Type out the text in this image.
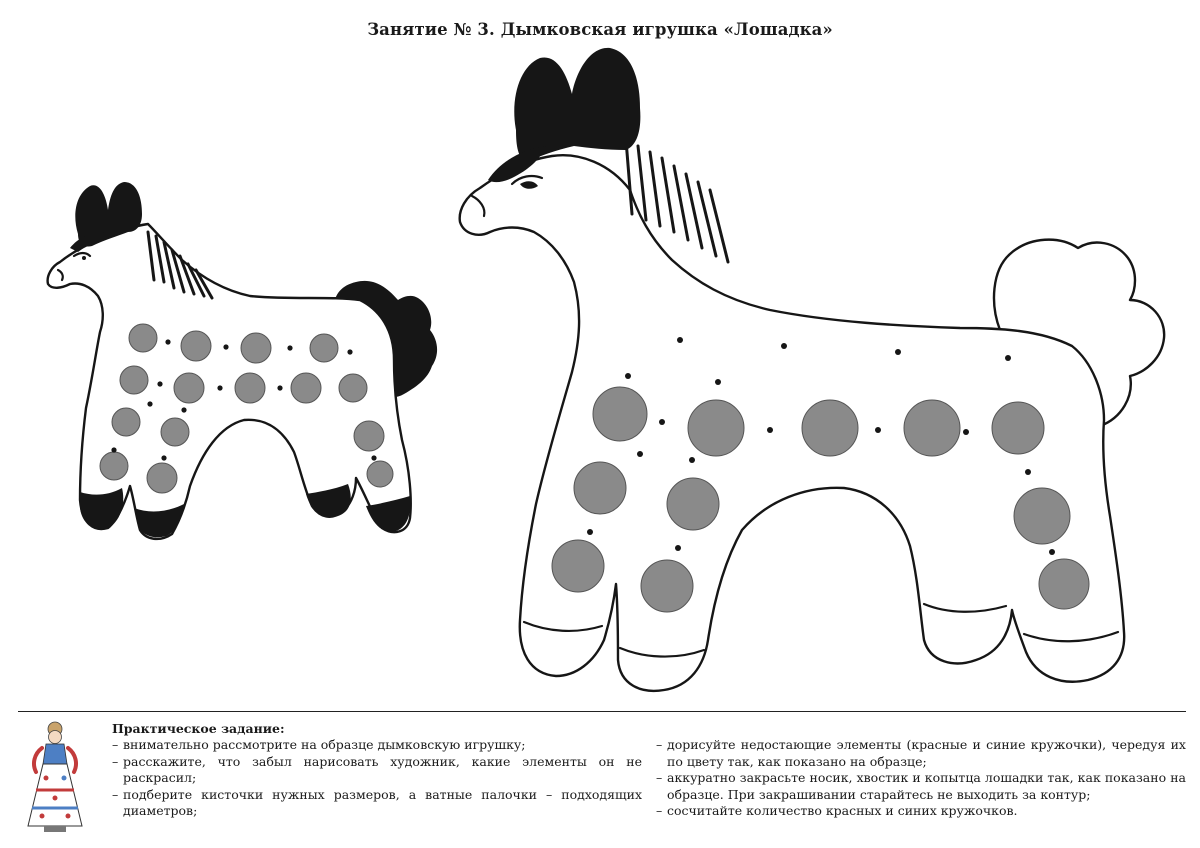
Занятие № 3. Дымковская игрушка «Лошадка»
Практическое задание:
– внимательно рассмотрите на образце дымковскую игрушку;
– расскажите, что забыл нарисовать художник, какие элементы он не раскрасил;
– подберите кисточки нужных размеров, а ватные палочки – подходящих диаметров;
– дорисуйте недостающие элементы (красные и синие кружочки), чередуя их по цвету так, как показано на образце;
– аккуратно закрасьте носик, хвостик и копытца лошадки так, как показано на образце. При закрашивании старайтесь не выходить за контур;
– сосчитайте количество красных и синих кружочков.
